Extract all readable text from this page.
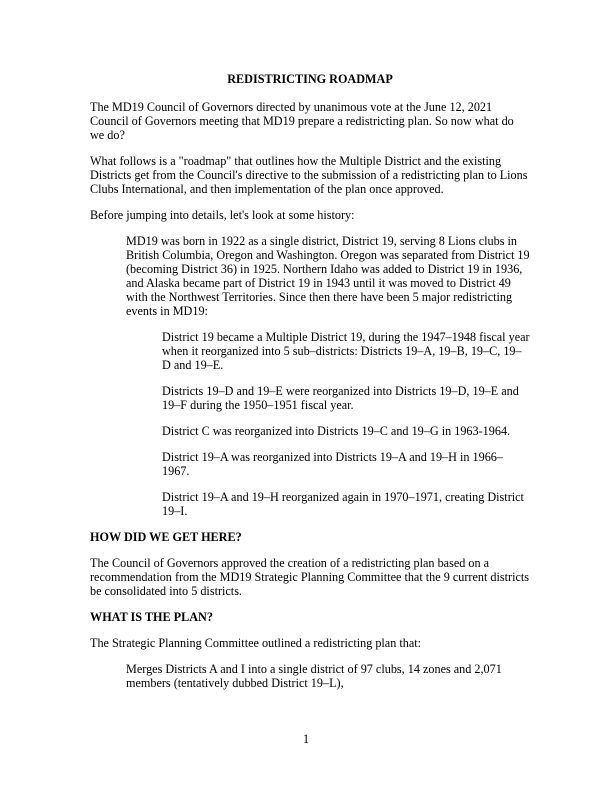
REDISTRICTING ROADMAP

The MD19 Council of Governors directed by unanimous vote at the June 12, 2021 Council of Governors meeting that MD19 prepare a redistricting plan. So now what do we do?

What follows is a "roadmap" that outlines how the Multiple District and the existing Districts get from the Council's directive to the submission of a redistricting plan to Lions Clubs International, and then implementation of the plan once approved.

Before jumping into details, let's look at some history:

MD19 was born in 1922 as a single district, District 19, serving 8 Lions clubs in British Columbia, Oregon and Washington. Oregon was separated from District 19 (becoming District 36) in 1925. Northern Idaho was added to District 19 in 1936, and Alaska became part of District 19 in 1943 until it was moved to District 49 with the Northwest Territories. Since then there have been 5 major redistricting events in MD19:

District 19 became a Multiple District 19, during the 1947–1948 fiscal year when it reorganized into 5 sub–districts: Districts 19–A, 19–B, 19–C, 19–D and 19–E.

Districts 19–D and 19–E were reorganized into Districts 19–D, 19–E and 19–F during the 1950–1951 fiscal year.

District C was reorganized into Districts 19–C and 19–G in 1963-1964.

District 19–A was reorganized into Districts 19–A and 19–H in 1966–1967.

District 19–A and 19–H reorganized again in 1970–1971, creating District 19–I.

HOW DID WE GET HERE?

The Council of Governors approved the creation of a redistricting plan based on a recommendation from the MD19 Strategic Planning Committee that the 9 current districts be consolidated into 5 districts.

WHAT IS THE PLAN?

The Strategic Planning Committee outlined a redistricting plan that:

Merges Districts A and I into a single district of 97 clubs, 14 zones and 2,071 members (tentatively dubbed District 19–L),

1
